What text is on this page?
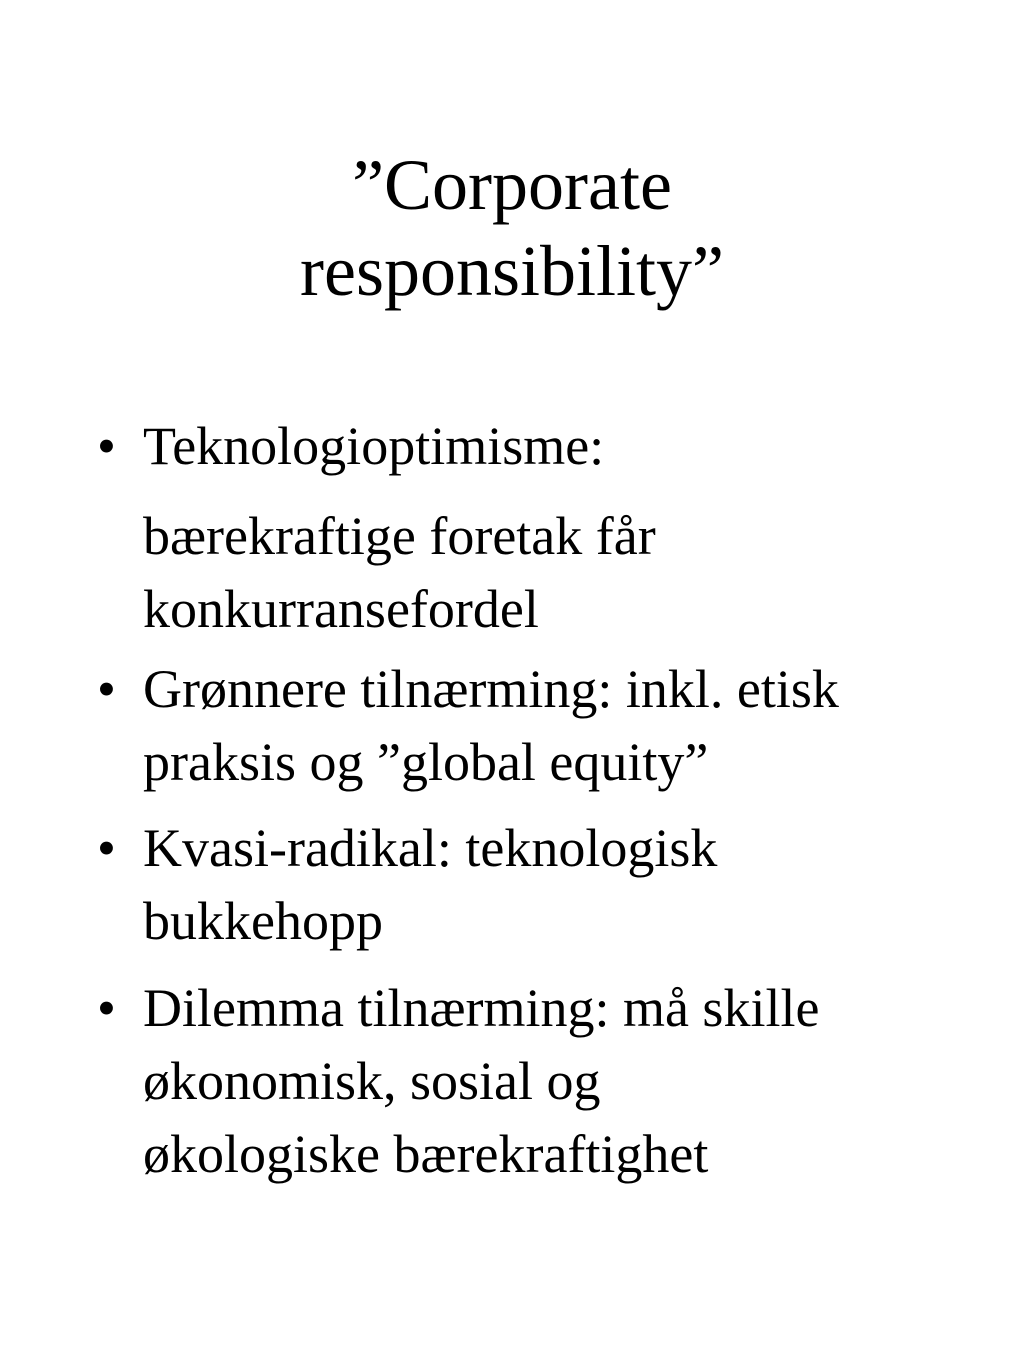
”Corporate
responsibility”
• Teknologioptimisme:
bærekraftige foretak får
konkurransefordel
• Grønnere tilnærming: inkl. etisk
praksis og ”global equity”
• Kvasi-radikal: teknologisk
bukkehopp
• Dilemma tilnærming: må skille
økonomisk, sosial og
økologiske bærekraftighet
